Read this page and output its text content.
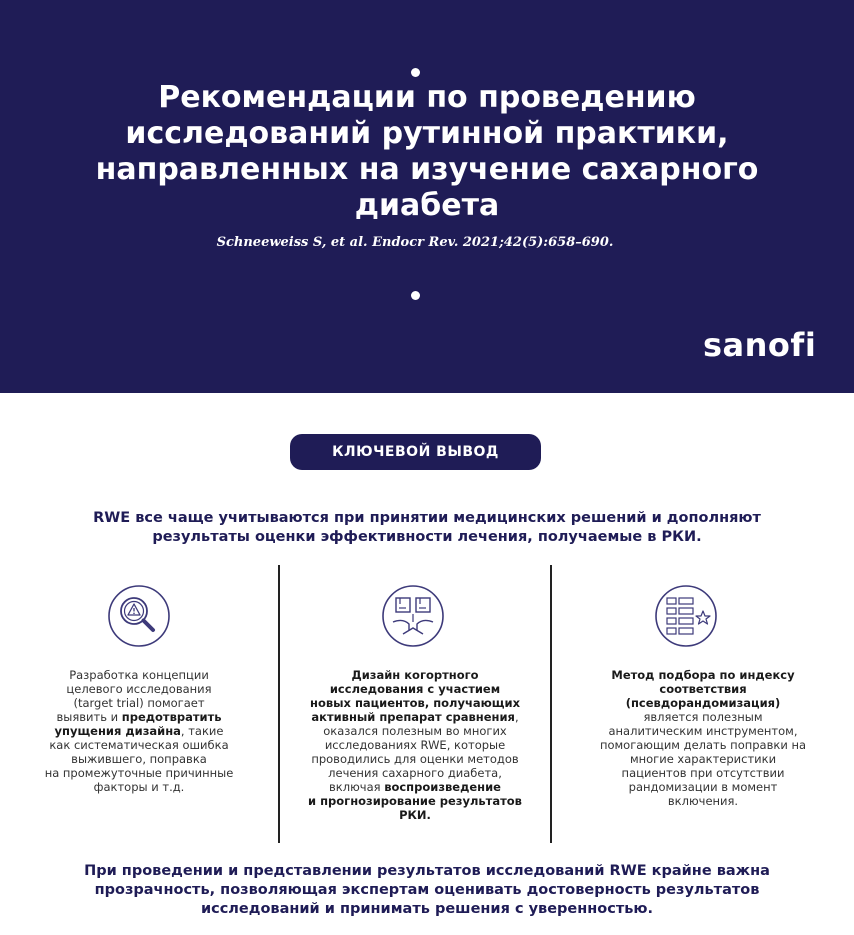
Рекомендации по проведению
исследований рутинной практики,
направленных на изучение сахарного
диабета
Schneeweiss S, et al. Endocr Rev. 2021;42(5):658–690.
sanofi
КЛЮЧЕВОЙ ВЫВОД
RWE все чаще учитываются при принятии медицинских решений и дополняют
результаты оценки эффективности лечения, получаемые в РКИ.
Разработка концепции
целевого исследования
(target trial) помогает
выявить и предотвратить
упущения дизайна, такие
как систематическая ошибка
выжившего, поправка
на промежуточные причинные
факторы и т.д.
Дизайн когортного
исследования с участием
новых пациентов, получающих
активный препарат сравнения,
оказался полезным во многих
исследованиях RWE, которые
проводились для оценки методов
лечения сахарного диабета,
включая воспроизведение
и прогнозирование результатов
РКИ.
Метод подбора по индексу
соответствия
(псевдорандомизация)
является полезным
аналитическим инструментом,
помогающим делать поправки на
многие характеристики
пациентов при отсутствии
рандомизации в момент
включения.
При проведении и представлении результатов исследований RWE крайне важна
прозрачность, позволяющая экспертам оценивать достоверность результатов
исследований и принимать решения с уверенностью.
